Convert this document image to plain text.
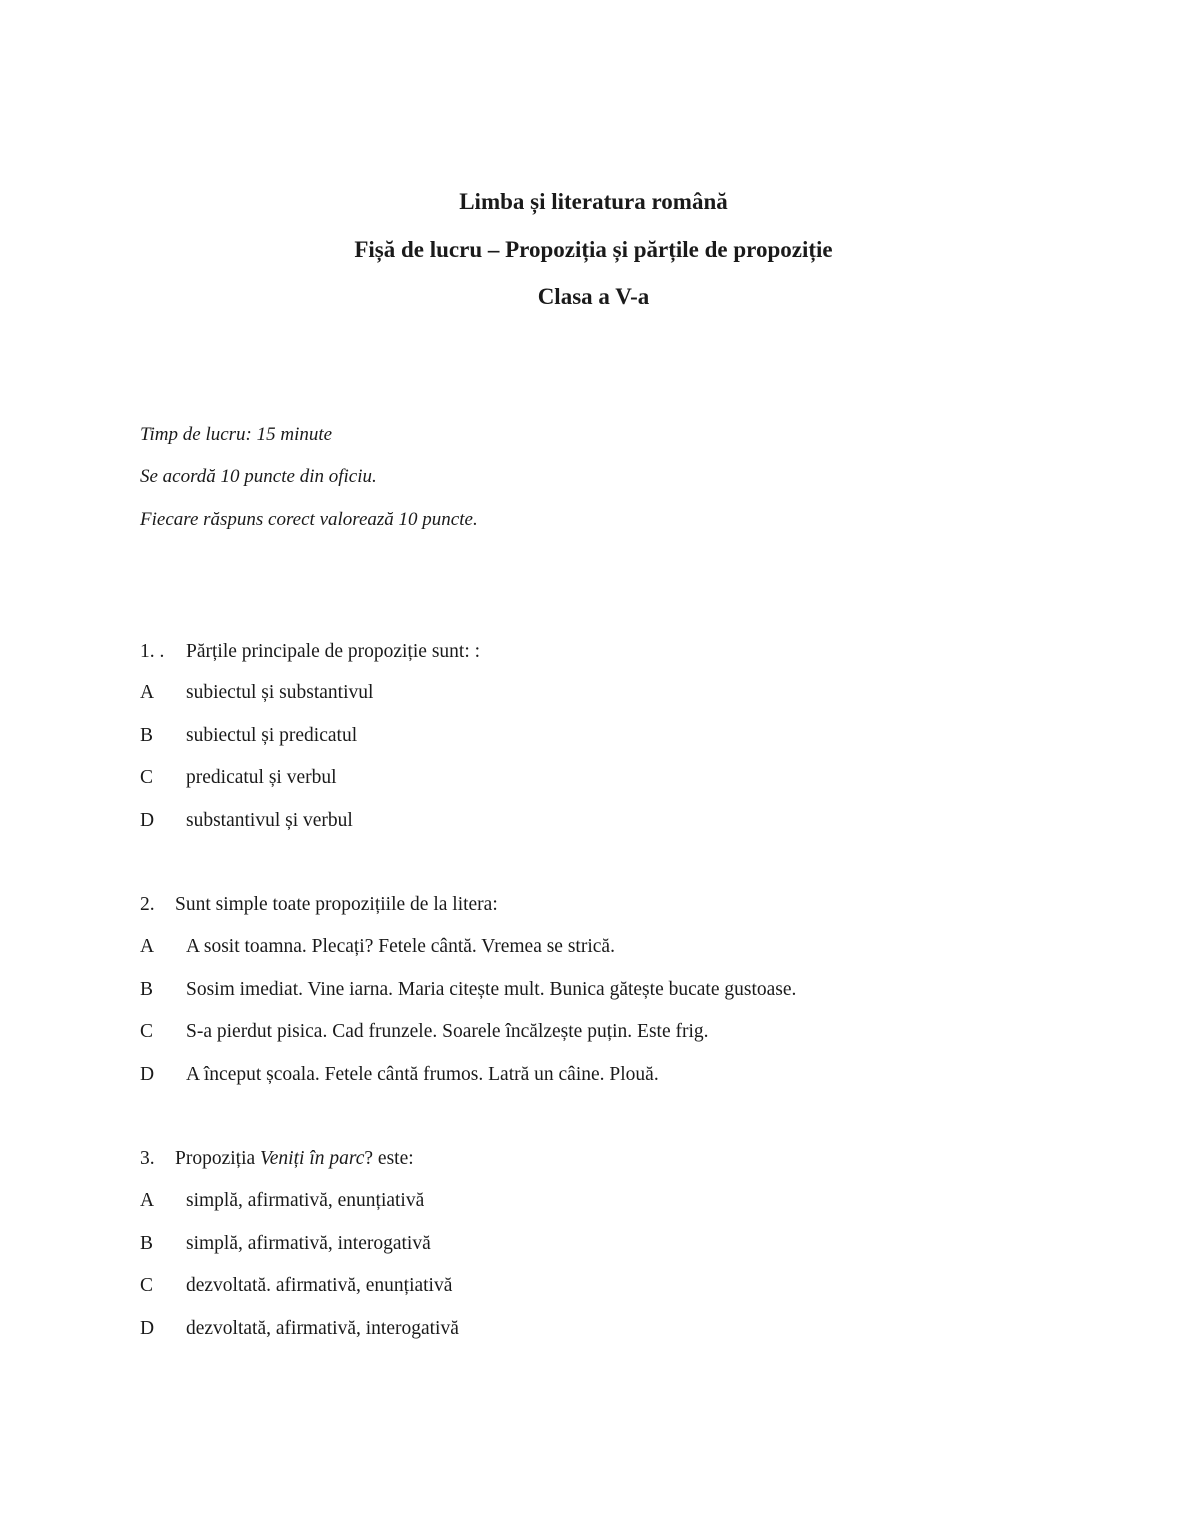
Limba și literatura română
Fișă de lucru – Propoziția și părțile de propoziție
Clasa a V-a
Timp de lucru: 15 minute
Se acordă 10 puncte din oficiu.
Fiecare răspuns corect valorează 10 puncte.
1. . Părțile principale de propoziție sunt: :
A subiectul și substantivul
B subiectul și predicatul
C predicatul și verbul
D substantivul și verbul
2. Sunt simple toate propozițiile de la litera:
A A sosit toamna. Plecați? Fetele cântă. Vremea se strică.
B Sosim imediat. Vine iarna. Maria citește mult. Bunica gătește bucate gustoase.
C S-a pierdut pisica. Cad frunzele. Soarele încălzește puțin. Este frig.
D A început școala. Fetele cântă frumos. Latră un câine. Plouă.
3. Propoziția Veniți în parc? este:
A simplă, afirmativă, enunțiativă
B simplă, afirmativă, interogativă
C dezvoltată. afirmativă, enunțiativă
D dezvoltată, afirmativă, interogativă
